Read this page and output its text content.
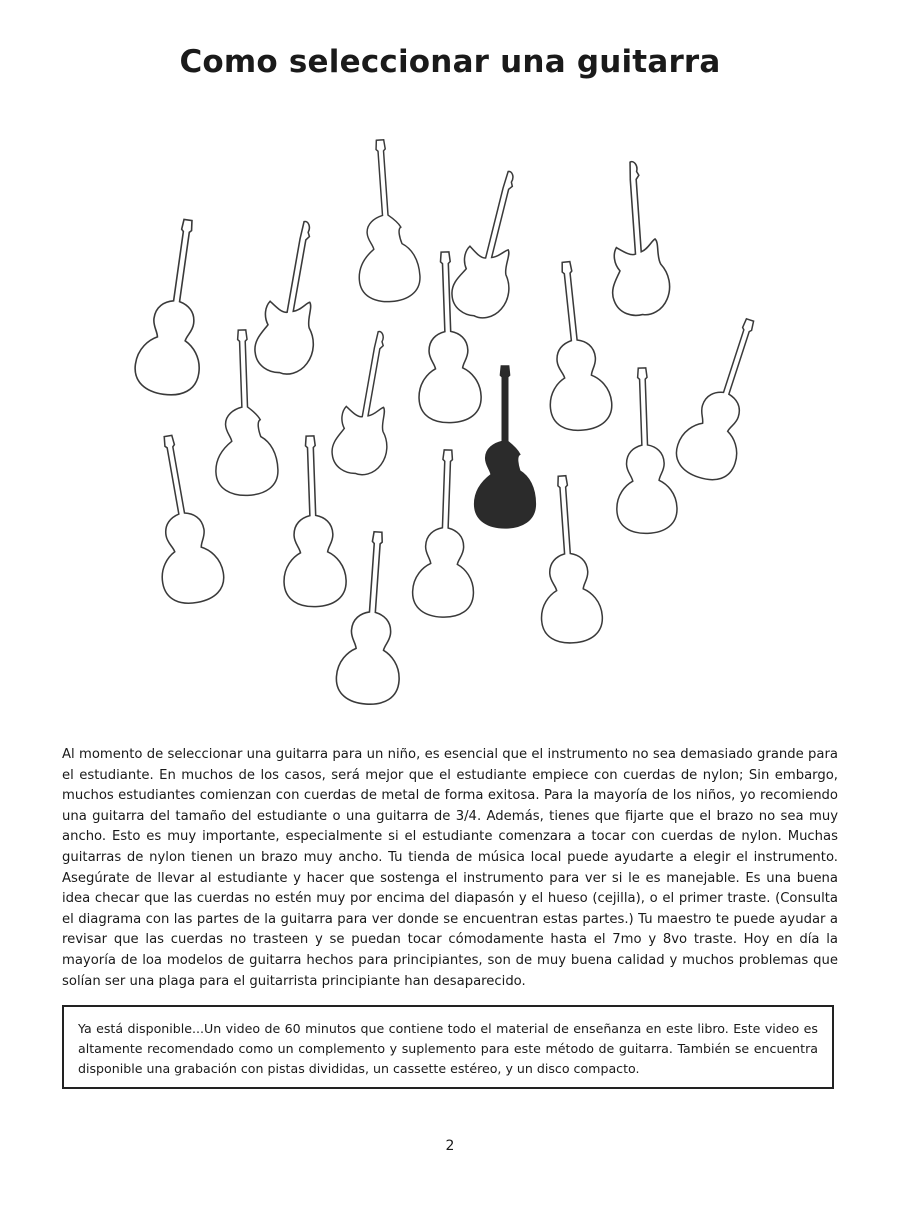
Como seleccionar una guitarra

Al momento de seleccionar una guitarra para un niño, es esencial que el instrumento no sea demasiado grande para el estudiante. En muchos de los casos, será mejor que el estudiante empiece con cuerdas de nylon; Sin embargo, muchos estudiantes comienzan con cuerdas de metal de forma exitosa. Para la mayoría de los niños, yo recomiendo una guitarra del tamaño del estudiante o una guitarra de 3/4. Además, tienes que fijarte que el brazo no sea muy ancho. Esto es muy importante, especialmente si el estudiante comenzara a tocar con cuerdas de nylon. Muchas guitarras de nylon tienen un brazo muy ancho. Tu tienda de música local puede ayudarte a elegir el instrumento. Asegúrate de llevar al estudiante y hacer que sostenga el instrumento para ver si le es manejable. Es una buena idea checar que las cuerdas no estén muy por encima del diapasón y el hueso (cejilla), o el primer traste. (Consulta el diagrama con las partes de la guitarra para ver donde se encuentran estas partes.) Tu maestro te puede ayudar a revisar que las cuerdas no trasteen y se puedan tocar cómodamente hasta el 7mo y 8vo traste. Hoy en día la mayoría de loa modelos de guitarra hechos para principiantes, son de muy buena calidad y muchos problemas que solían ser una plaga para el guitarrista principiante han desaparecido.

Ya está disponible...Un video de 60 minutos que contiene todo el material de enseñanza en este libro. Este video es altamente recomendado como un complemento y suplemento para este método de guitarra. También se encuentra disponible una grabación con pistas divididas, un cassette estéreo, y un disco compacto.

2
